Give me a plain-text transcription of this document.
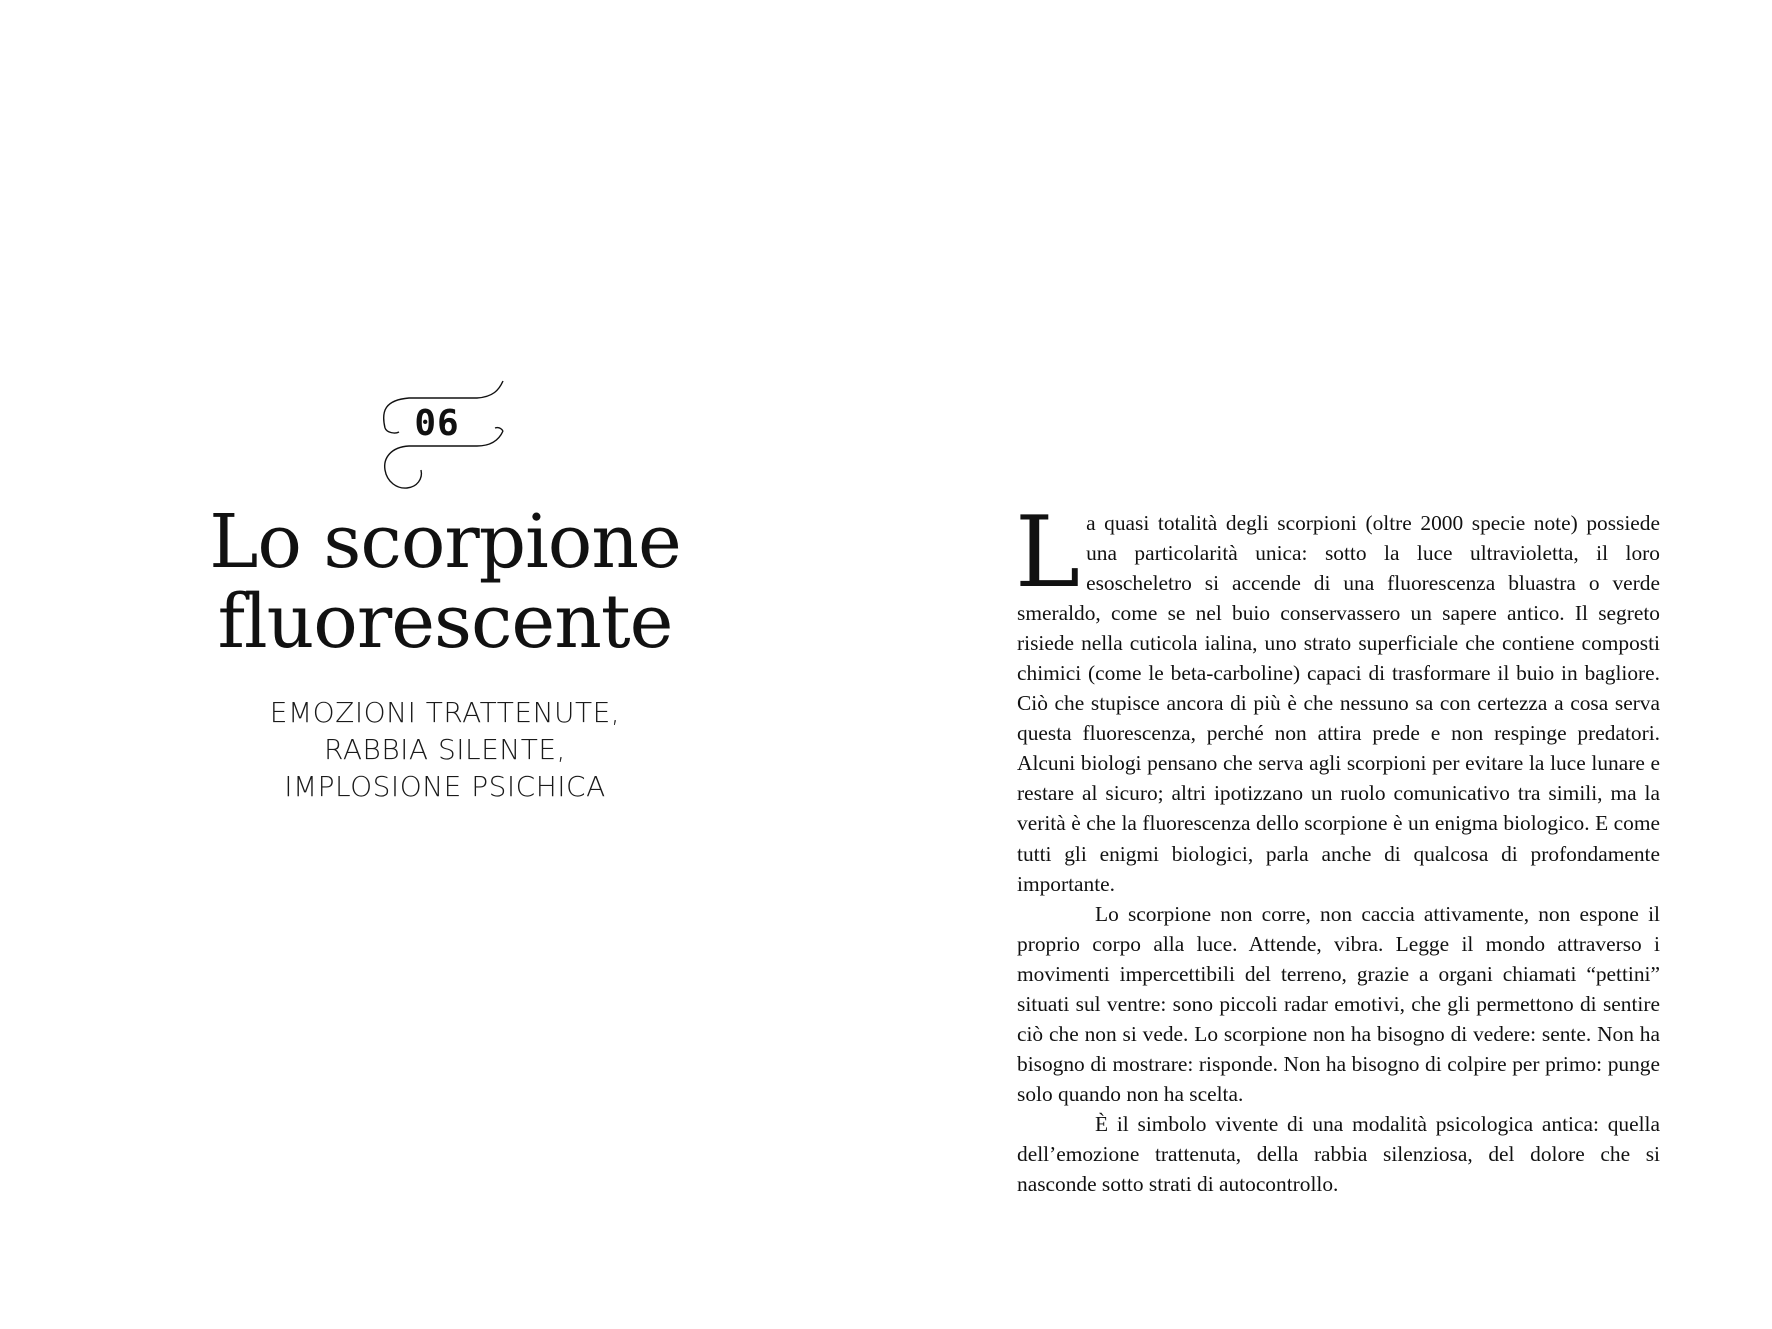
06
Lo scorpione
fluorescente
EMOZIONI TRATTENUTE,
RABBIA SILENTE,
IMPLOSIONE PSICHICA

La quasi totalità degli scorpioni (oltre 2000 specie note) possiede una particolarità unica: sotto la luce ultravioletta, il loro esoscheletro si accende di una fluorescenza bluastra o verde smeraldo, come se nel buio conservassero un sapere antico. Il segreto risiede nella cuticola ialina, uno strato superficiale che contiene composti chimici (come le beta-carboline) capaci di trasformare il buio in bagliore. Ciò che stupisce ancora di più è che nessuno sa con certezza a cosa serva questa fluorescenza, perché non attira prede e non respinge predatori. Alcuni biologi pensano che serva agli scorpioni per evitare la luce lunare e restare al sicuro; altri ipotizzano un ruolo comunicativo tra simili, ma la verità è che la fluorescenza dello scorpione è un enigma biologico. E come tutti gli enigmi biologici, parla anche di qualcosa di profondamente importante.

Lo scorpione non corre, non caccia attivamente, non espone il proprio corpo alla luce. Attende, vibra. Legge il mondo attraverso i movimenti impercettibili del terreno, grazie a organi chiamati “pettini” situati sul ventre: sono piccoli radar emotivi, che gli permettono di sentire ciò che non si vede. Lo scorpione non ha bisogno di vedere: sente. Non ha bisogno di mostrare: risponde. Non ha bisogno di colpire per primo: punge solo quando non ha scelta.

È il simbolo vivente di una modalità psicologica antica: quella dell’emozione trattenuta, della rabbia silenziosa, del dolore che si nasconde sotto strati di autocontrollo.
